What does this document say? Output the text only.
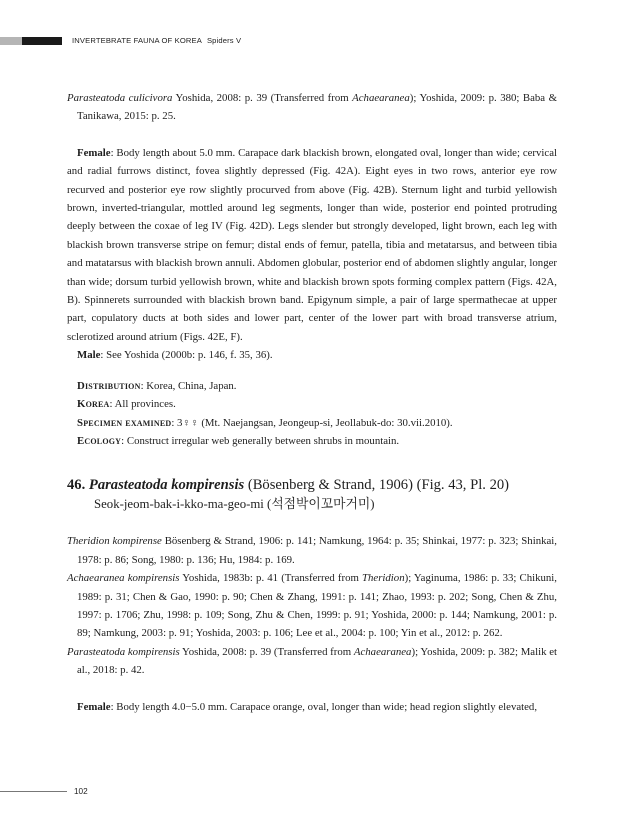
INVERTEBRATE FAUNA OF KOREA Spiders V

Parasteatoda culicivora Yoshida, 2008: p. 39 (Transferred from Achaearanea); Yoshida, 2009: p. 380; Baba & Tanikawa, 2015: p. 25.

Female: Body length about 5.0 mm. Carapace dark blackish brown, elongated oval, longer than wide; cervical and radial furrows distinct, fovea slightly depressed (Fig. 42A). Eight eyes in two rows, anterior eye row recurved and posterior eye row slightly procurved from above (Fig. 42B). Sternum light and turbid yellowish brown, inverted-triangular, mottled around leg segments, longer than wide, posterior end pointed protruding deeply between the coxae of leg IV (Fig. 42D). Legs slender but strongly developed, light brown, each leg with blackish brown transverse stripe on femur; distal ends of femur, patella, tibia and metatarsus, and between tibia and matatarsus with blackish brown annuli. Abdomen globular, posterior end of abdomen slightly angular, longer than wide; dorsum turbid yellowish brown, white and blackish brown spots forming complex pattern (Figs. 42A, B). Spinnerets surrounded with blackish brown band. Epigynum simple, a pair of large spermathecae at upper part, copulatory ducts at both sides and lower part, center of the lower part with broad transverse atrium, sclerotized around atrium (Figs. 42E, F).

Male: See Yoshida (2000b: p. 146, f. 35, 36).

Distribution: Korea, China, Japan.

Korea: All provinces.

Specimen examined: 3♀♀ (Mt. Naejangsan, Jeongeup-si, Jeollabuk-do: 30.vii.2010).

Ecology: Construct irregular web generally between shrubs in mountain.

46. Parasteatoda kompirensis (Bösenberg & Strand, 1906) (Fig. 43, Pl. 20)

Seok-jeom-bak-i-kko-ma-geo-mi (석점박이꼬마거미)

Theridion kompirense Bösenberg & Strand, 1906: p. 141; Namkung, 1964: p. 35; Shinkai, 1977: p. 323; Shinkai, 1978: p. 86; Song, 1980: p. 136; Hu, 1984: p. 169.

Achaearanea kompirensis Yoshida, 1983b: p. 41 (Transferred from Theridion); Yaginuma, 1986: p. 33; Chikuni, 1989: p. 31; Chen & Gao, 1990: p. 90; Chen & Zhang, 1991: p. 141; Zhao, 1993: p. 202; Song, Chen & Zhu, 1997: p. 1706; Zhu, 1998: p. 109; Song, Zhu & Chen, 1999: p. 91; Yoshida, 2000: p. 144; Namkung, 2001: p. 89; Namkung, 2003: p. 91; Yoshida, 2003: p. 106; Lee et al., 2004: p. 100; Yin et al., 2012: p. 262.

Parasteatoda kompirensis Yoshida, 2008: p. 39 (Transferred from Achaearanea); Yoshida, 2009: p. 382; Malik et al., 2018: p. 42.

Female: Body length 4.0−5.0 mm. Carapace orange, oval, longer than wide; head region slightly elevated,

102
